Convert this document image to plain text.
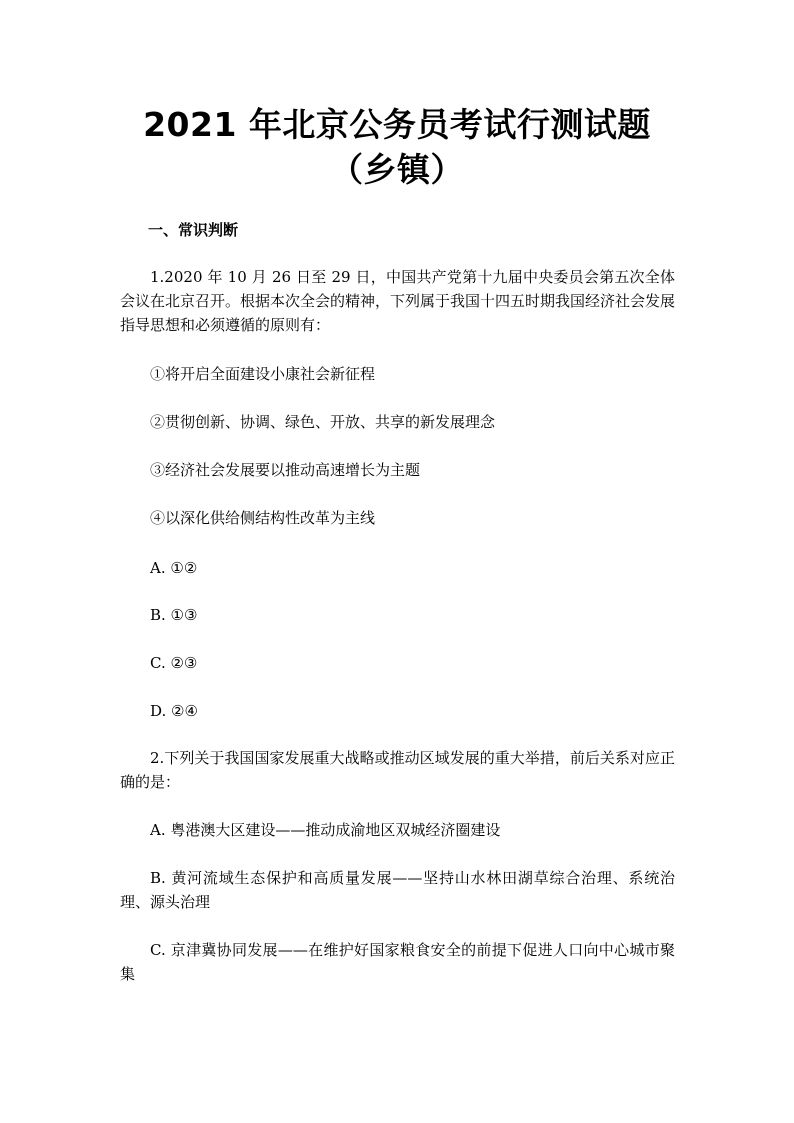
2021 年北京公务员考试行测试题
（乡镇）
一、常识判断

1.2020 年 10 月 26 日至 29 日，中国共产党第十九届中央委员会第五次全体会议在北京召开。根据本次全会的精神，下列属于我国十四五时期我国经济社会发展指导思想和必须遵循的原则有：

①将开启全面建设小康社会新征程

②贯彻创新、协调、绿色、开放、共享的新发展理念

③经济社会发展要以推动高速增长为主题

④以深化供给侧结构性改革为主线

A. ①②

B. ①③

C. ②③

D. ②④

2.下列关于我国国家发展重大战略或推动区域发展的重大举措，前后关系对应正确的是：

A. 粤港澳大区建设——推动成渝地区双城经济圈建设

B. 黄河流域生态保护和高质量发展——坚持山水林田湖草综合治理、系统治理、源头治理

C. 京津冀协同发展——在维护好国家粮食安全的前提下促进人口向中心城市聚集
